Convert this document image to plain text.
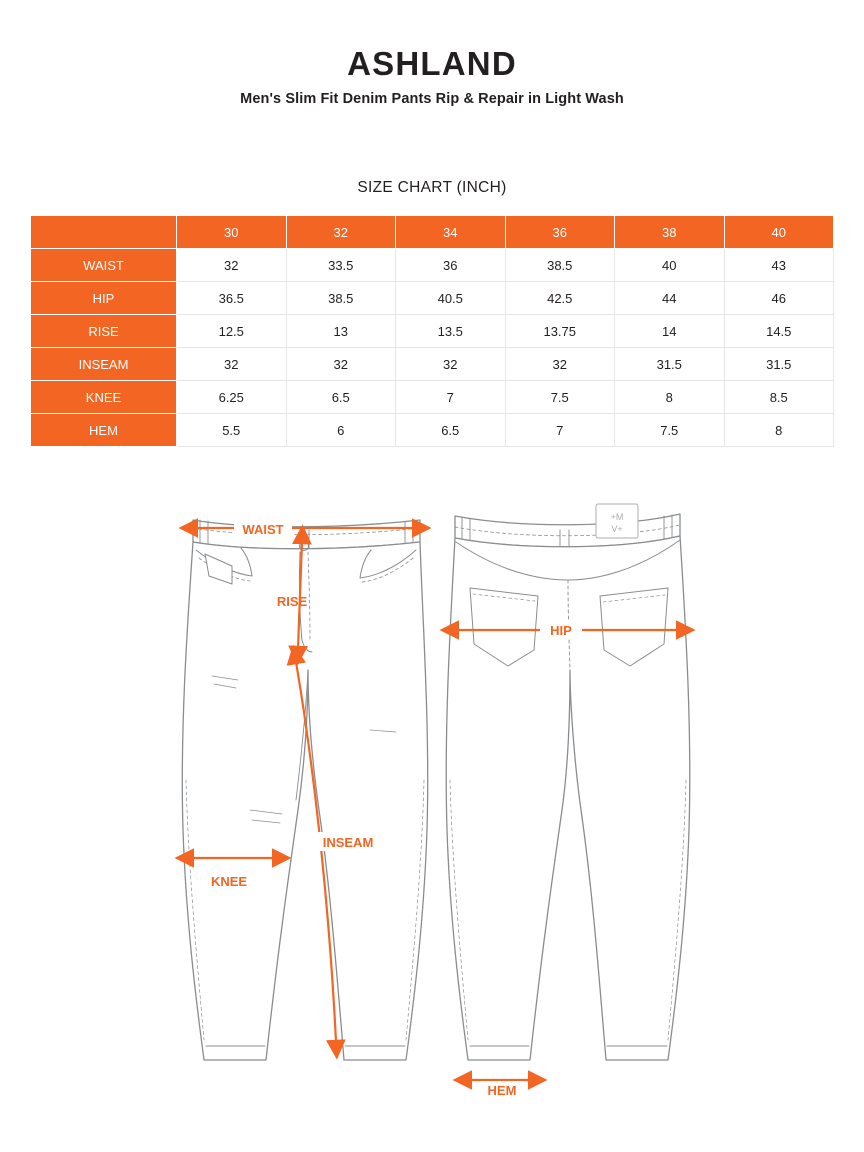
ASHLAND
Men's Slim Fit Denim Pants Rip & Repair in Light Wash
SIZE CHART (INCH)
	30	32	34	36	38	40
WAIST	32	33.5	36	38.5	40	43
HIP	36.5	38.5	40.5	42.5	44	46
RISE	12.5	13	13.5	13.75	14	14.5
INSEAM	32	32	32	32	31.5	31.5
KNEE	6.25	6.5	7	7.5	8	8.5
HEM	5.5	6	6.5	7	7.5	8
WAIST
RISE
INSEAM
KNEE
+M
V+
HIP
HEM
